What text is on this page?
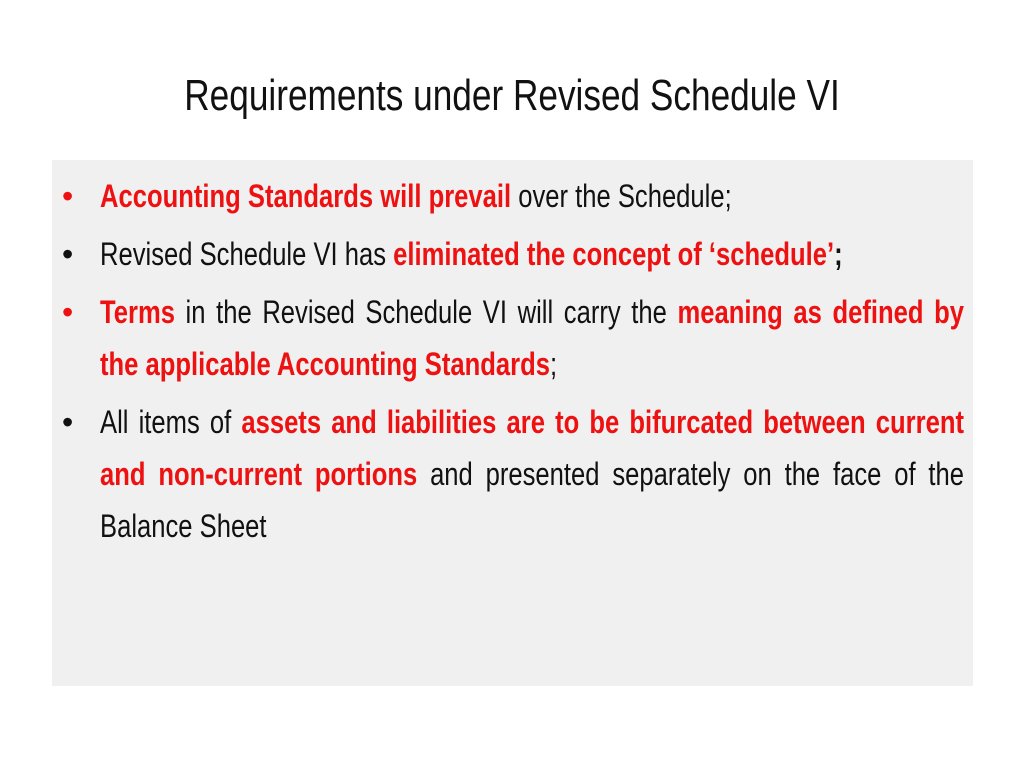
Requirements under Revised Schedule VI
• Accounting Standards will prevail over the Schedule;
• Revised Schedule VI has eliminated the concept of ‘schedule’;
• Terms in the Revised Schedule VI will carry the meaning as defined by the applicable Accounting Standards;
• All items of assets and liabilities are to be bifurcated between current and non-current portions and presented separately on the face of the Balance Sheet
